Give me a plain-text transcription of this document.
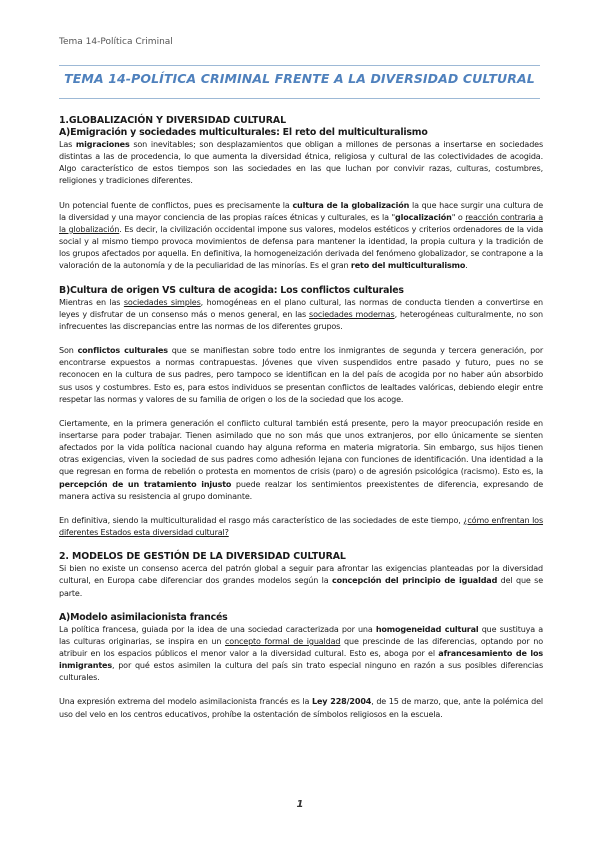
Tema 14-Política Criminal
TEMA 14-POLÍTICA CRIMINAL FRENTE A LA DIVERSIDAD CULTURAL
1.GLOBALIZACIÓN Y DIVERSIDAD CULTURAL
A)Emigración y sociedades multiculturales: El reto del multiculturalismo

Las migraciones son inevitables; son desplazamientos que obligan a millones de personas a insertarse en sociedades distintas a las de procedencia, lo que aumenta la diversidad étnica, religiosa y cultural de las colectividades de acogida. Algo característico de estos tiempos son las sociedades en las que luchan por convivir razas, culturas, costumbres, religiones y tradiciones diferentes.

Un potencial fuente de conflictos, pues es precisamente la cultura de la globalización la que hace surgir una cultura de la diversidad y una mayor conciencia de las propias raíces étnicas y culturales, es la "glocalización" o reacción contraria a la globalización. Es decir, la civilización occidental impone sus valores, modelos estéticos y criterios ordenadores de la vida social y al mismo tiempo provoca movimientos de defensa para mantener la identidad, la propia cultura y la tradición de los grupos afectados por aquella. En definitiva, la homogeneización derivada del fenómeno globalizador, se contrapone a la valoración de la autonomía y de la peculiaridad de las minorías. Es el gran reto del multiculturalismo.

B)Cultura de origen VS cultura de acogida: Los conflictos culturales

Mientras en las sociedades simples, homogéneas en el plano cultural, las normas de conducta tienden a convertirse en leyes y disfrutar de un consenso más o menos general, en las sociedades modernas, heterogéneas culturalmente, no son infrecuentes las discrepancias entre las normas de los diferentes grupos.

Son conflictos culturales que se manifiestan sobre todo entre los inmigrantes de segunda y tercera generación, por encontrarse expuestos a normas contrapuestas. Jóvenes que viven suspendidos entre pasado y futuro, pues no se reconocen en la cultura de sus padres, pero tampoco se identifican en la del país de acogida por no haber aún absorbido sus usos y costumbres. Esto es, para estos individuos se presentan conflictos de lealtades valóricas, debiendo elegir entre respetar las normas y valores de su familia de origen o los de la sociedad que los acoge.

Ciertamente, en la primera generación el conflicto cultural también está presente, pero la mayor preocupación reside en insertarse para poder trabajar. Tienen asimilado que no son más que unos extranjeros, por ello únicamente se sienten afectados por la vida política nacional cuando hay alguna reforma en materia migratoria. Sin embargo, sus hijos tienen otras exigencias, viven la sociedad de sus padres como adhesión lejana con funciones de identificación. Una identidad a la que regresan en forma de rebelión o protesta en momentos de crisis (paro) o de agresión psicológica (racismo). Esto es, la percepción de un tratamiento injusto puede realzar los sentimientos preexistentes de diferencia, expresando de manera activa su resistencia al grupo dominante.

En definitiva, siendo la multiculturalidad el rasgo más característico de las sociedades de este tiempo, ¿cómo enfrentan los diferentes Estados esta diversidad cultural?

2. MODELOS DE GESTIÓN DE LA DIVERSIDAD CULTURAL

Si bien no existe un consenso acerca del patrón global a seguir para afrontar las exigencias planteadas por la diversidad cultural, en Europa cabe diferenciar dos grandes modelos según la concepción del principio de igualdad del que se parte.

A)Modelo asimilacionista francés

La política francesa, guiada por la idea de una sociedad caracterizada por una homogeneidad cultural que sustituya a las culturas originarias, se inspira en un concepto formal de igualdad que prescinde de las diferencias, optando por no atribuir en los espacios públicos el menor valor a la diversidad cultural. Esto es, aboga por el afrancesamiento de los inmigrantes, por qué estos asimilen la cultura del país sin trato especial ninguno en razón a sus posibles diferencias culturales.

Una expresión extrema del modelo asimilacionista francés es la Ley 228/2004, de 15 de marzo, que, ante la polémica del uso del velo en los centros educativos, prohíbe la ostentación de símbolos religiosos en la escuela.

1
